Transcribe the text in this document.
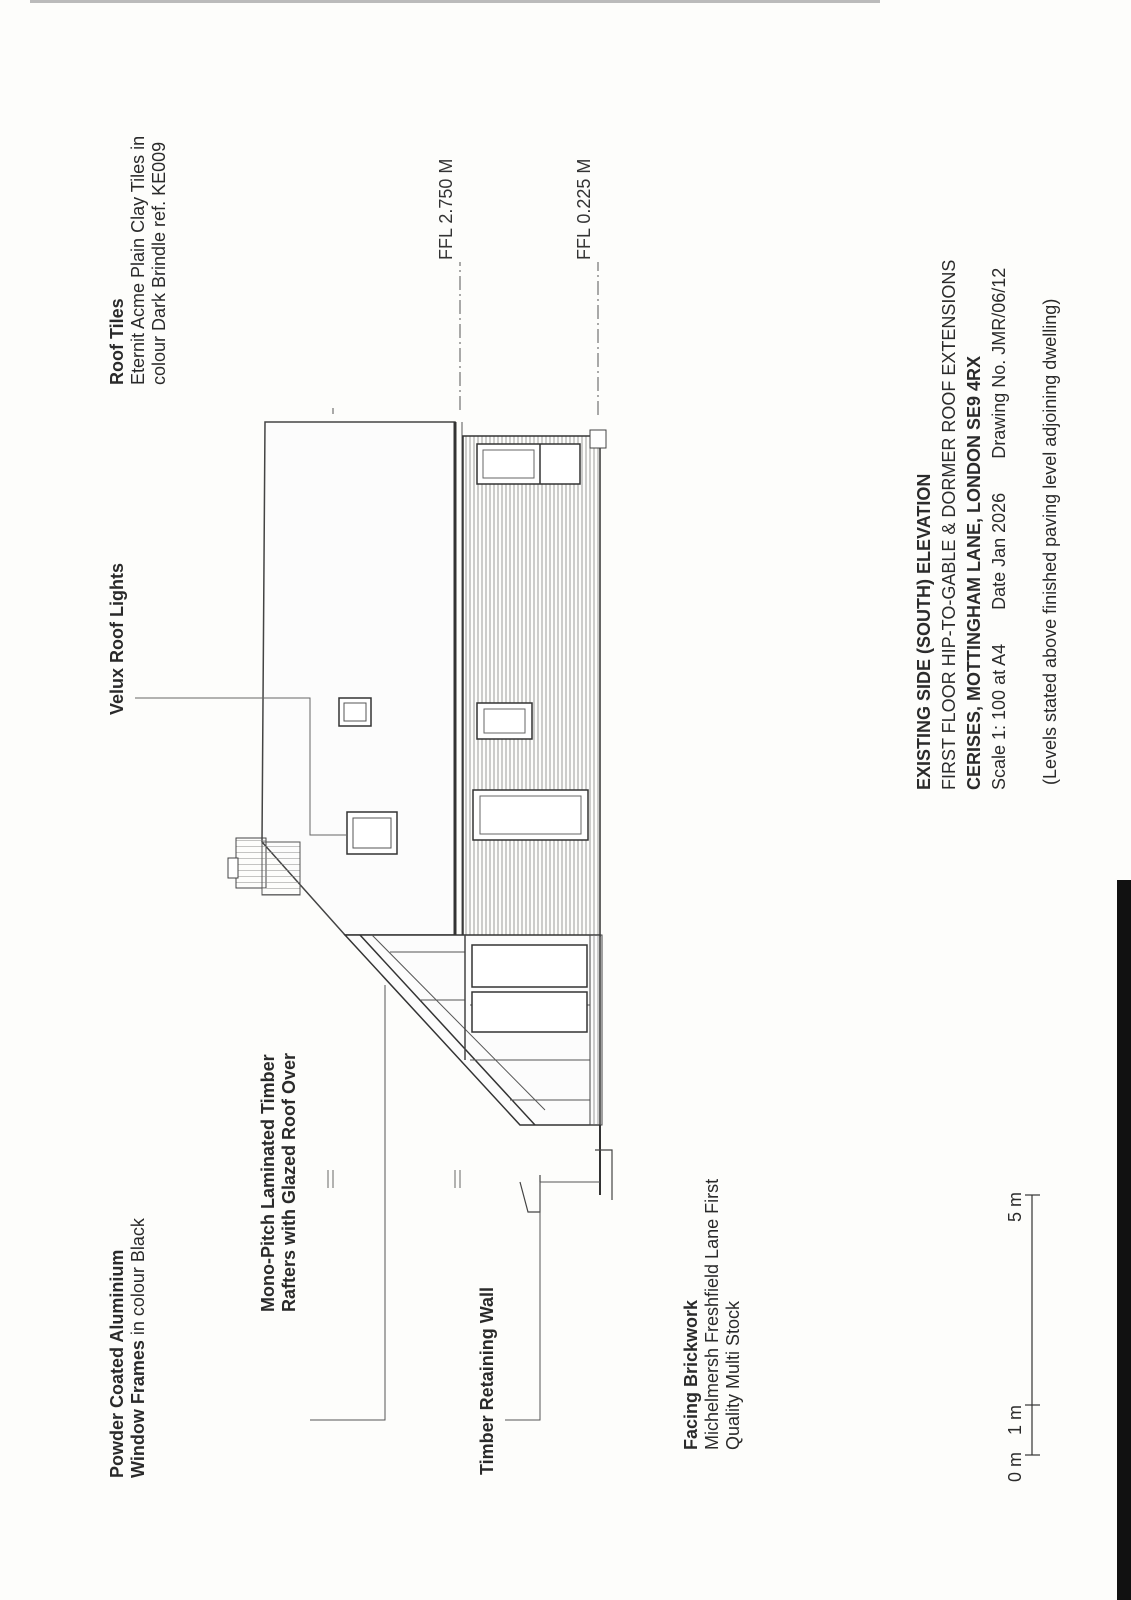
Powder Coated Aluminium Window Frames in colour Black	Mono-Pitch Laminated Timber Rafters with Glazed Roof Over
Timber Retaining Wall	Facing Brickwork Michelmersh Freshfield Lane First Quality Multi Stock
Velux Roof Lights
Roof Tiles Eternit Acme Plain Clay Tiles in colour Dark Brindle ref. KE009	FFL 2.750 M	FFL 0.225 M
EXISTING SIDE (SOUTH) ELEVATION FIRST FLOOR HIP-TO-GABLE & DORMER ROOF EXTENSIONS CERISES, MOTTINGHAM LANE, LONDON SE9 4RX Scale 1: 100 at A4
Date Jan 2026
Drawing No. JMR/06/12 (Levels stated above finished paving level adjoining dwelling)
0 m
1 m
5 m
